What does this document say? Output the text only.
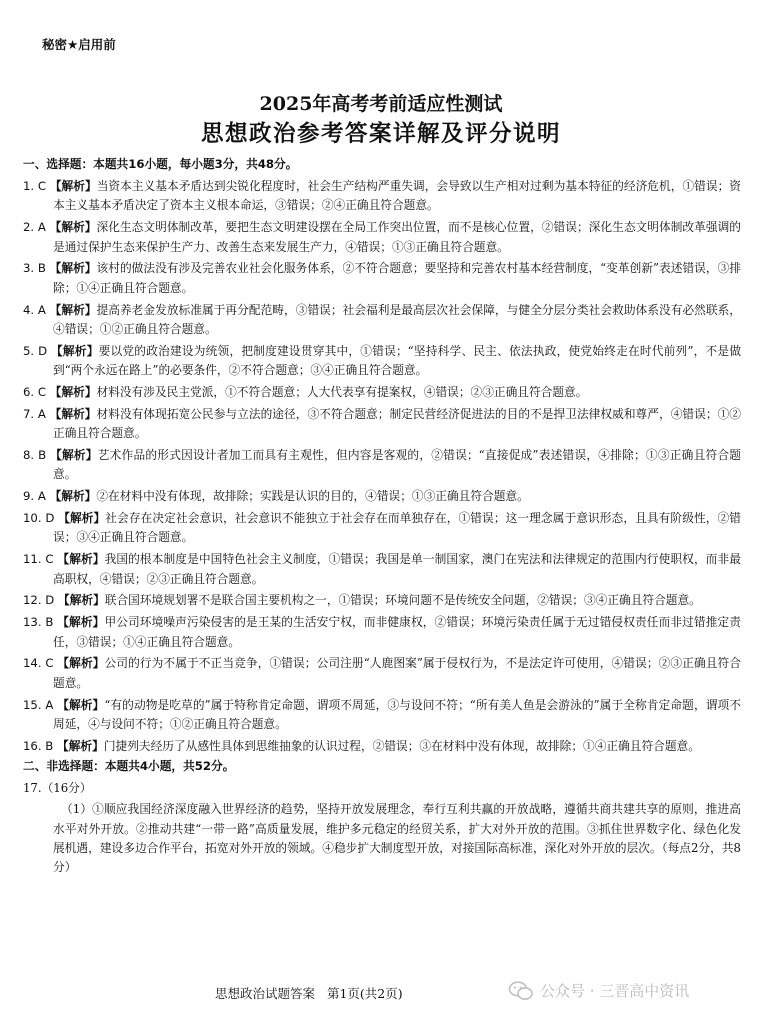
秘密★启用前
2025年高考考前适应性测试
思想政治参考答案详解及评分说明
一、选择题：本题共16小题，每小题3分，共48分。
1. C 【解析】当资本主义基本矛盾达到尖锐化程度时，社会生产结构严重失调，会导致以生产相对过剩为基本特征的经济危机，①错误；资本主义基本矛盾决定了资本主义根本命运，③错误；②④正确且符合题意。
2. A 【解析】深化生态文明体制改革，要把生态文明建设摆在全局工作突出位置，而不是核心位置，②错误；深化生态文明体制改革强调的是通过保护生态来保护生产力、改善生态来发展生产力，④错误；①③正确且符合题意。
3. B 【解析】该村的做法没有涉及完善农业社会化服务体系，②不符合题意；要坚持和完善农村基本经营制度，“变革创新”表述错误，③排除；①④正确且符合题意。
4. A 【解析】提高养老金发放标准属于再分配范畴，③错误；社会福利是最高层次社会保障，与健全分层分类社会救助体系没有必然联系，④错误；①②正确且符合题意。
5. D 【解析】要以党的政治建设为统领，把制度建设贯穿其中，①错误；“坚持科学、民主、依法执政，使党始终走在时代前列”，不是做到“两个永远在路上”的必要条件，②不符合题意；③④正确且符合题意。
6. C 【解析】材料没有涉及民主党派，①不符合题意；人大代表享有提案权，④错误；②③正确且符合题意。
7. A 【解析】材料没有体现拓宽公民参与立法的途径，③不符合题意；制定民营经济促进法的目的不是捍卫法律权威和尊严，④错误；①②正确且符合题意。
8. B 【解析】艺术作品的形式因设计者加工而具有主观性，但内容是客观的，②错误；“直接促成”表述错误，④排除；①③正确且符合题意。
9. A 【解析】②在材料中没有体现，故排除；实践是认识的目的，④错误；①③正确且符合题意。
10. D 【解析】社会存在决定社会意识，社会意识不能独立于社会存在而单独存在，①错误；这一理念属于意识形态，且具有阶级性，②错误；③④正确且符合题意。
11. C 【解析】我国的根本制度是中国特色社会主义制度，①错误；我国是单一制国家，澳门在宪法和法律规定的范围内行使职权，而非最高职权，④错误；②③正确且符合题意。
12. D 【解析】联合国环境规划署不是联合国主要机构之一，①错误；环境问题不是传统安全问题，②错误；③④正确且符合题意。
13. B 【解析】甲公司环境噪声污染侵害的是王某的生活安宁权，而非健康权，②错误；环境污染责任属于无过错侵权责任而非过错推定责任，③错误；①④正确且符合题意。
14. C 【解析】公司的行为不属于不正当竞争，①错误；公司注册“人鹿图案”属于侵权行为，不是法定许可使用，④错误；②③正确且符合题意。
15. A 【解析】“有的动物是吃草的”属于特称肯定命题，谓项不周延，③与设问不符；“所有美人鱼是会游泳的”属于全称肯定命题，谓项不周延，④与设问不符；①②正确且符合题意。
16. B 【解析】门捷列夫经历了从感性具体到思维抽象的认识过程，②错误；③在材料中没有体现，故排除；①④正确且符合题意。
二、非选择题：本题共4小题，共52分。
17.（16分）
（1）①顺应我国经济深度融入世界经济的趋势，坚持开放发展理念，奉行互利共赢的开放战略，遵循共商共建共享的原则，推进高水平对外开放。②推动共建“一带一路”高质量发展，维护多元稳定的经贸关系，扩大对外开放的范围。③抓住世界数字化、绿色化发展机遇，建设多边合作平台，拓宽对外开放的领域。④稳步扩大制度型开放，对接国际高标准，深化对外开放的层次。（每点2分，共8分）
思想政治试题答案 第1页(共2页)	公众号 · 三晋高中资讯
